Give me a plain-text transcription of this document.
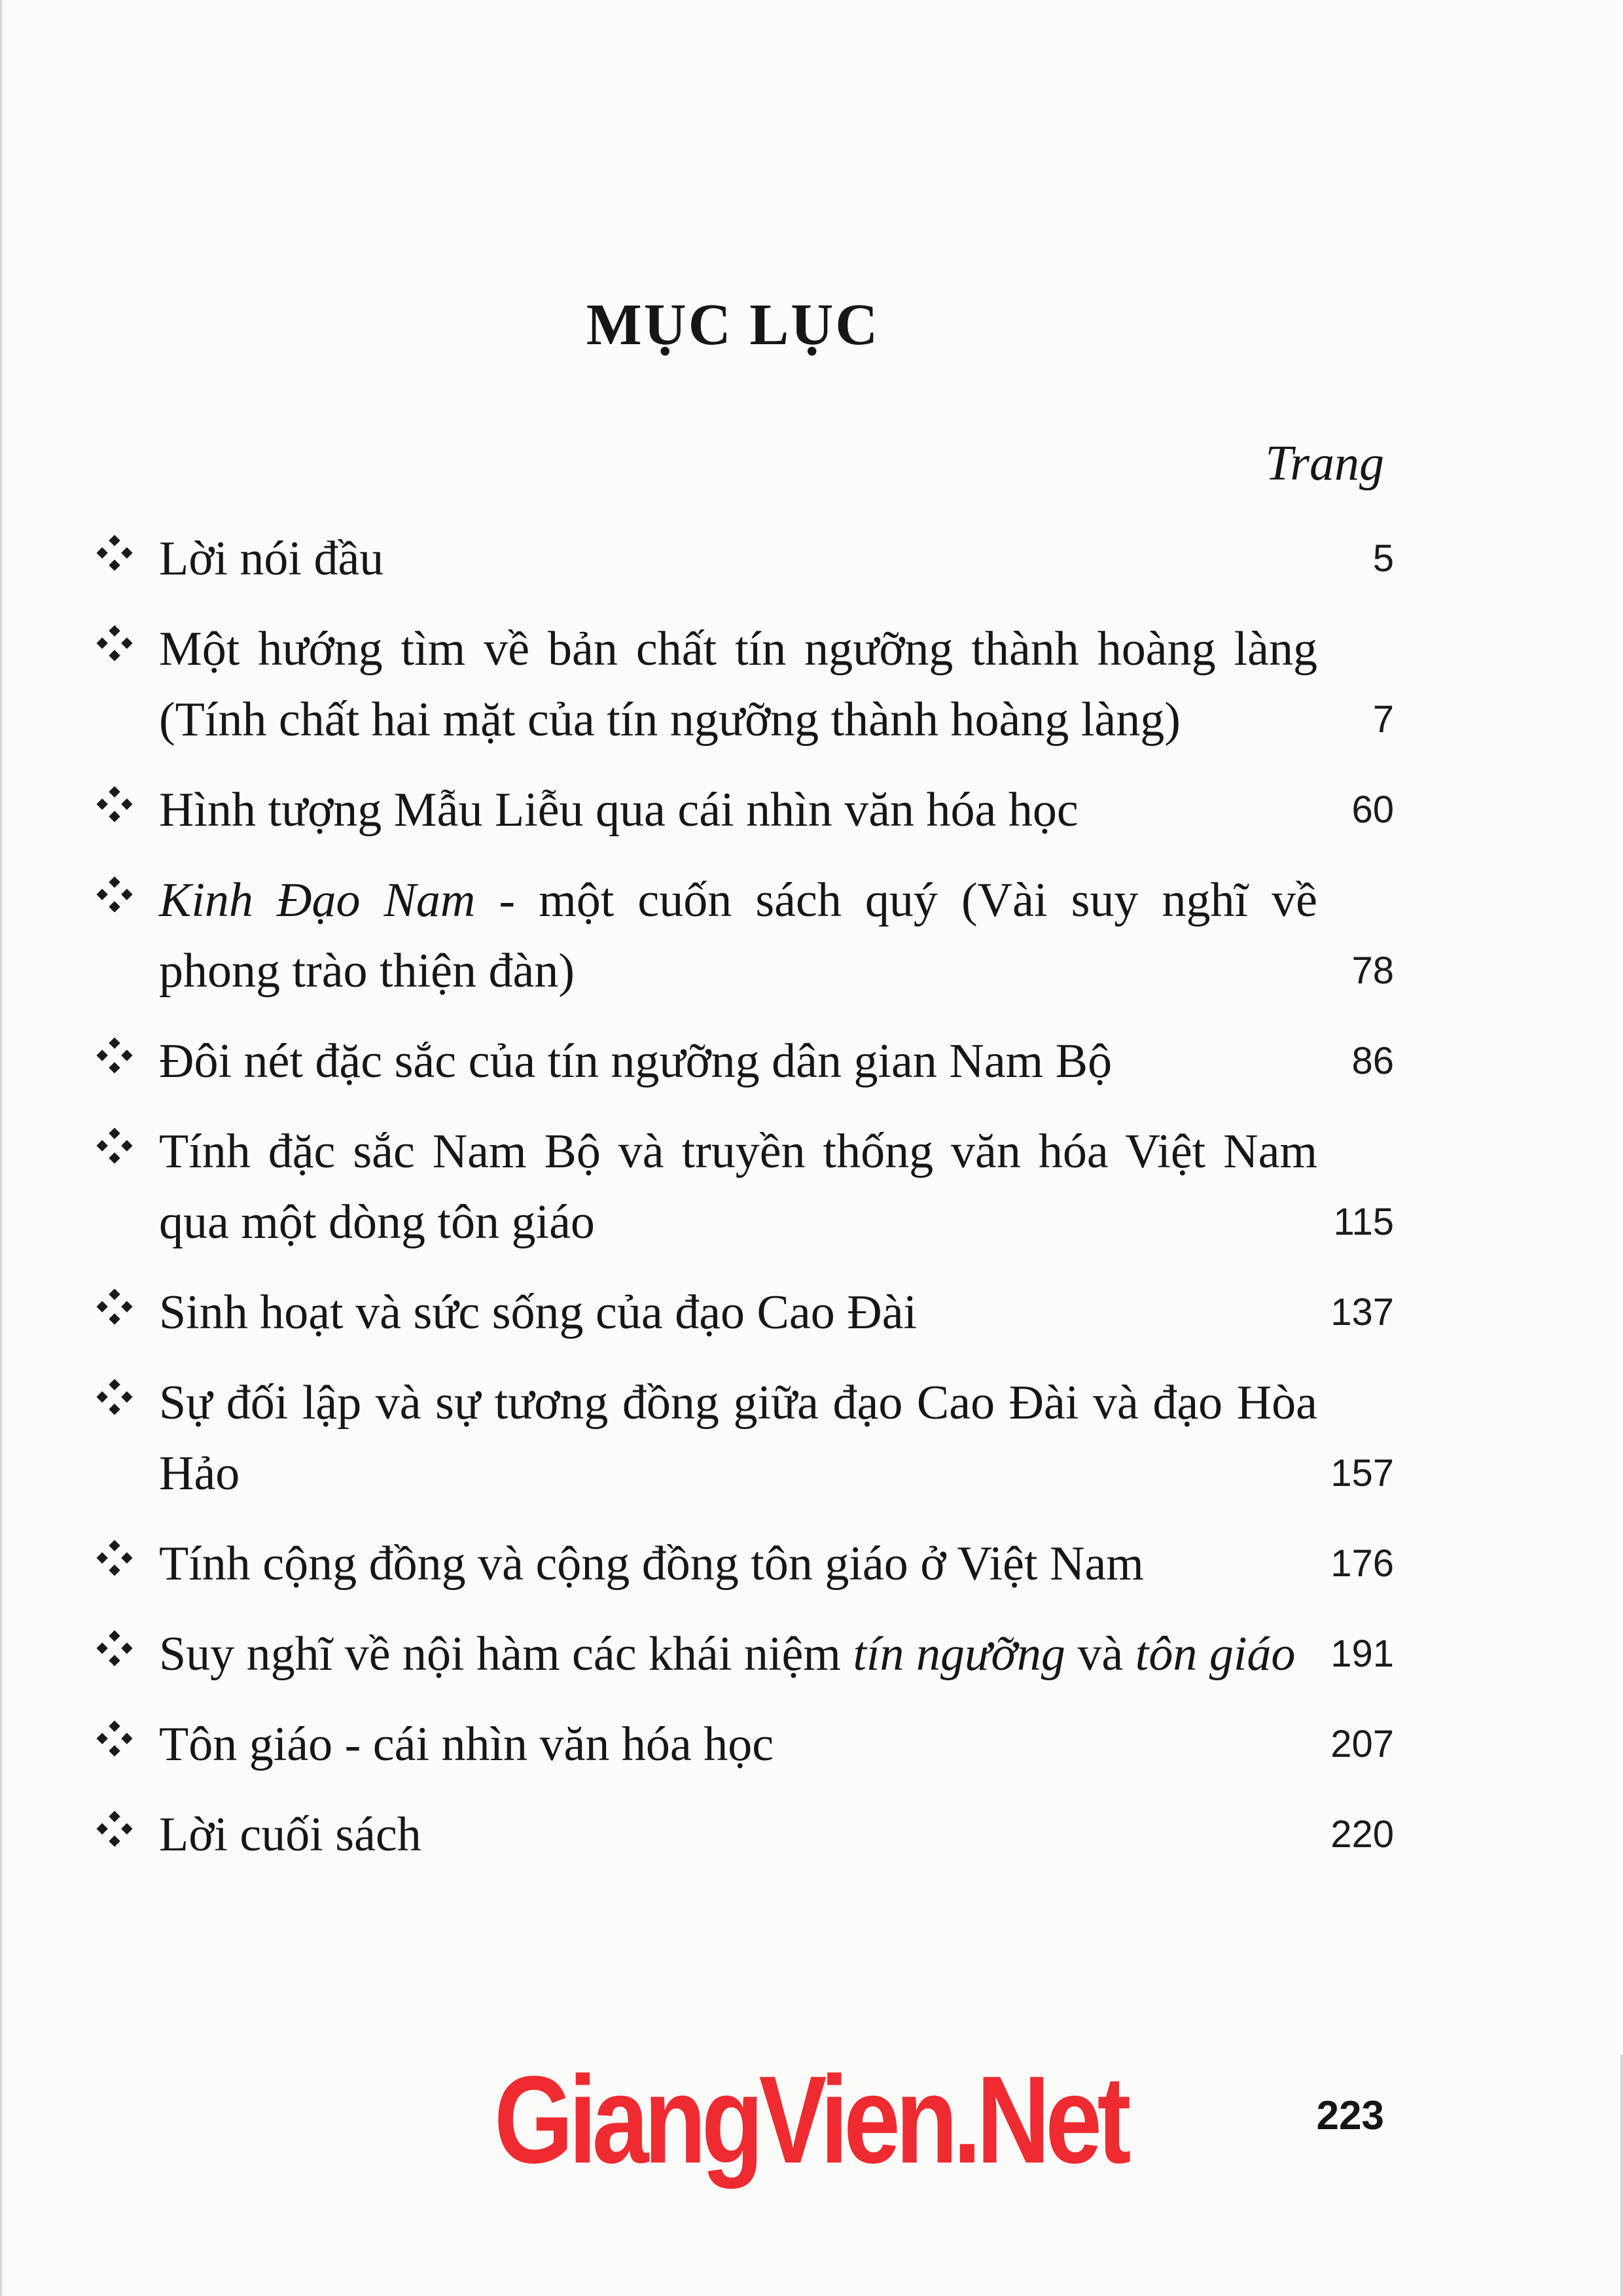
MỤC LỤC
Trang
Lời nói đầu	5
Một hướng tìm về bản chất tín ngưỡng thành hoàng làng (Tính chất hai mặt của tín ngưỡng thành hoàng làng)	7
Hình tượng Mẫu Liễu qua cái nhìn văn hóa học	60
Kinh Đạo Nam - một cuốn sách quý (Vài suy nghĩ về phong trào thiện đàn)	78
Đôi nét đặc sắc của tín ngưỡng dân gian Nam Bộ	86
Tính đặc sắc Nam Bộ và truyền thống văn hóa Việt Nam qua một dòng tôn giáo	115
Sinh hoạt và sức sống của đạo Cao Đài	137
Sự đối lập và sự tương đồng giữa đạo Cao Đài và đạo Hòa Hảo	157
Tính cộng đồng và cộng đồng tôn giáo ở Việt Nam	176
Suy nghĩ về nội hàm các khái niệm tín ngưỡng và tôn giáo 191
Tôn giáo - cái nhìn văn hóa học	207
Lời cuối sách	220
GiangVien.Net	223
